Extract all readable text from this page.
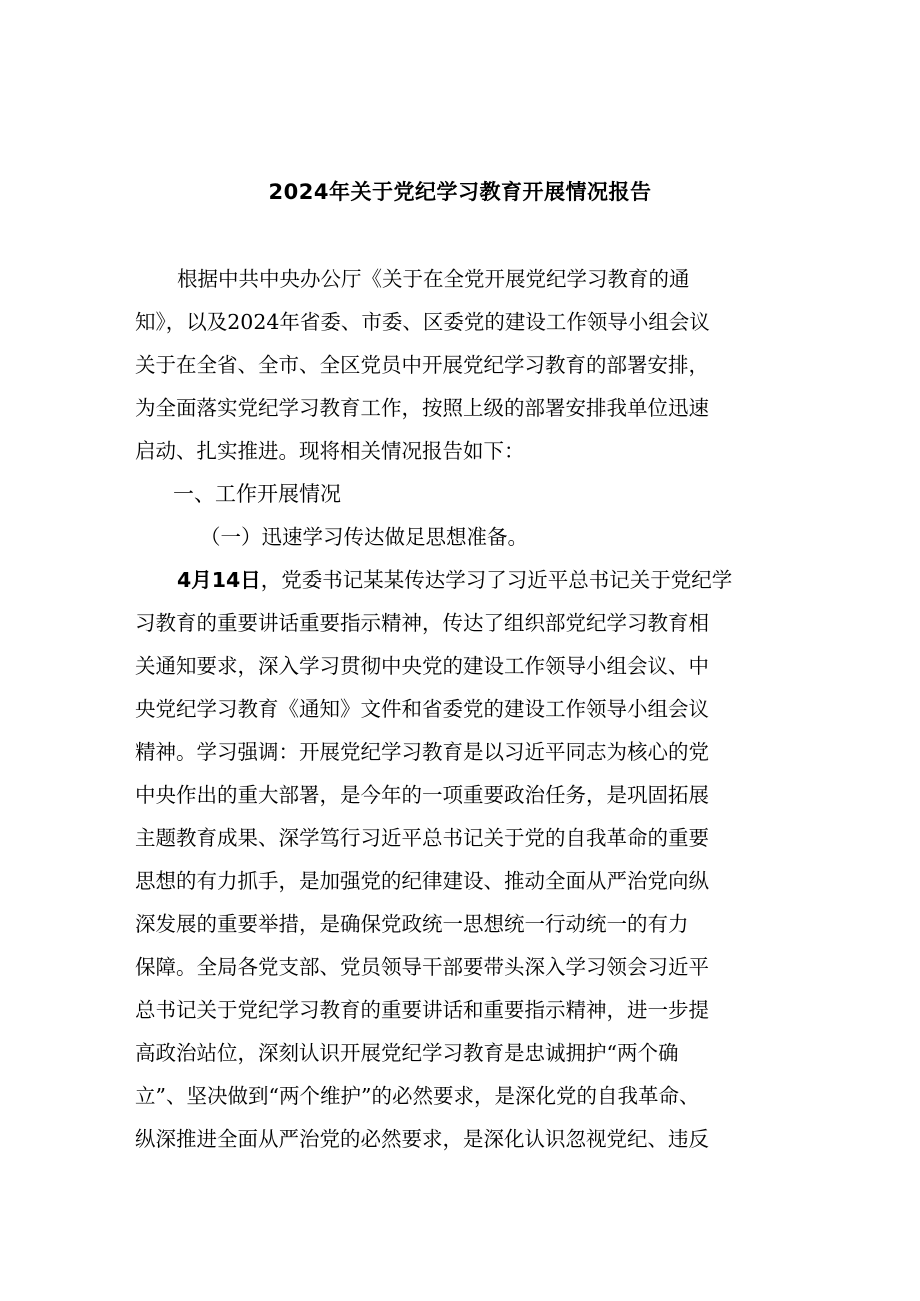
2024年关于党纪学习教育开展情况报告
根据中共中央办公厅《关于在全党开展党纪学习教育的通
知》，以及2024年省委、市委、区委党的建设工作领导小组会议
关于在全省、全市、全区党员中开展党纪学习教育的部署安排，
为全面落实党纪学习教育工作，按照上级的部署安排我单位迅速
启动、扎实推进。现将相关情况报告如下：
一、工作开展情况
（一）迅速学习传达做足思想准备。
4月14日，党委书记某某传达学习了习近平总书记关于党纪学
习教育的重要讲话重要指示精神，传达了组织部党纪学习教育相
关通知要求，深入学习贯彻中央党的建设工作领导小组会议、中
央党纪学习教育《通知》文件和省委党的建设工作领导小组会议
精神。学习强调：开展党纪学习教育是以习近平同志为核心的党
中央作出的重大部署，是今年的一项重要政治任务，是巩固拓展
主题教育成果、深学笃行习近平总书记关于党的自我革命的重要
思想的有力抓手，是加强党的纪律建设、推动全面从严治党向纵
深发展的重要举措，是确保党政统一思想统一行动统一的有力
保障。全局各党支部、党员领导干部要带头深入学习领会习近平
总书记关于党纪学习教育的重要讲话和重要指示精神，进一步提
高政治站位，深刻认识开展党纪学习教育是忠诚拥护“两个确
立”、坚决做到“两个维护”的必然要求，是深化党的自我革命、
纵深推进全面从严治党的必然要求，是深化认识忽视党纪、违反
